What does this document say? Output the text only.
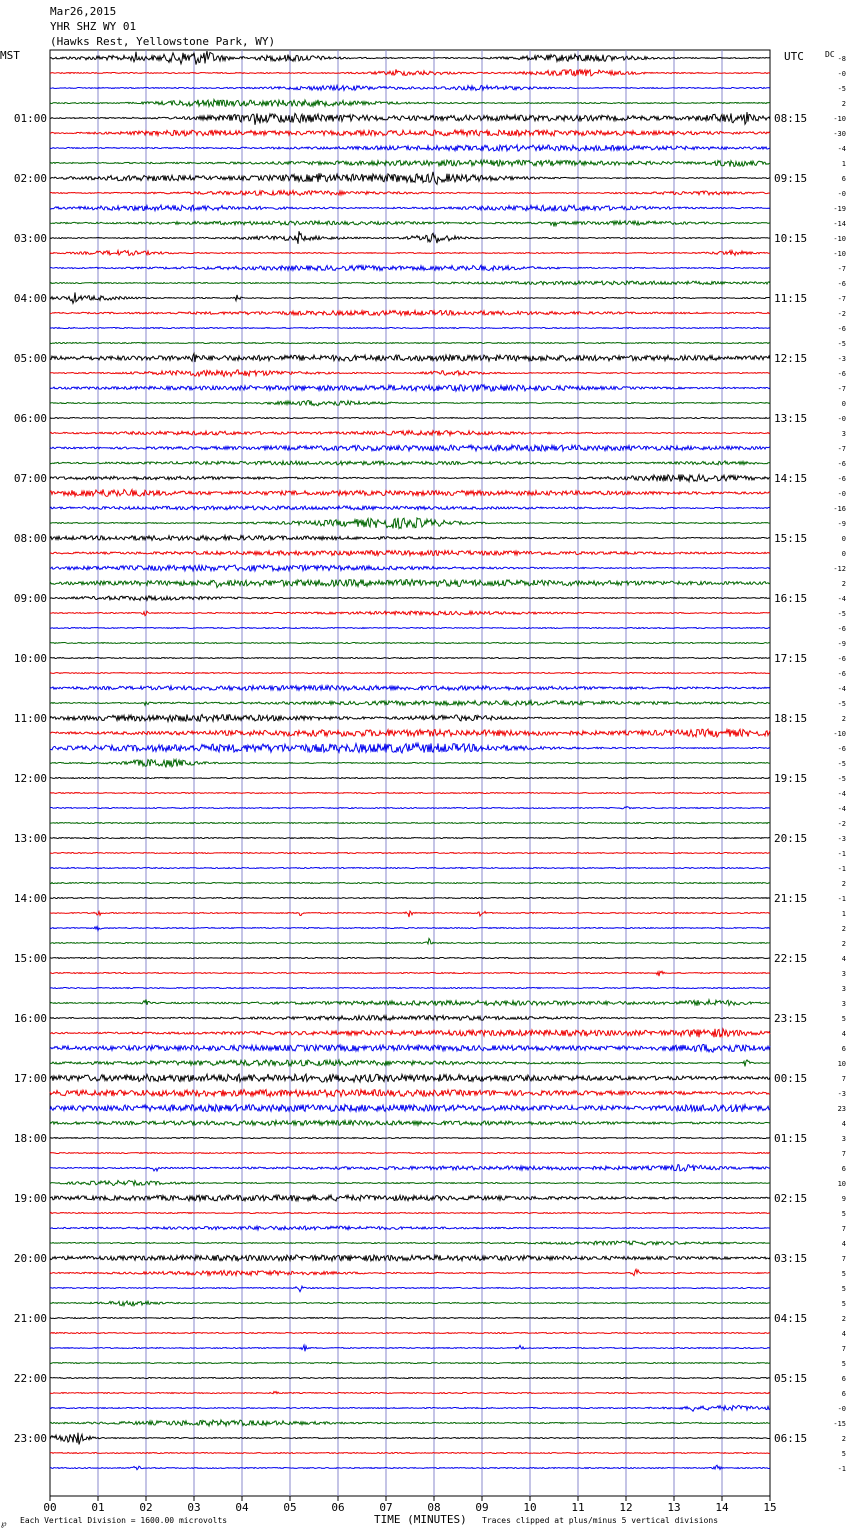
-8
-0
-5
2
-10
-30
-4
1
6
-0
-19
-14
-10
-10
-7
-6
-7
-2
-6
-5
-3
-6
-7
0
-0
3
-7
-6
-6
-0
-16
-9
0
0
-12
2
-4
-5
-6
-9
-6
-6
-4
-5
2
-10
-6
-5
-5
-4
-4
-2
-3
-1
-1
2
-1
1
2
2
4
3
3
3
5
4
6
10
7
-3
23
4
3
7
6
10
9
5
7
4
7
5
5
5
2
4
7
5
6
6
-0
-15
2
5
-1
01:00	08:15
02:00	09:15
03:00	10:15
04:00	11:15
05:00	12:15
06:00	13:15
07:00	14:15
08:00	15:15
09:00	16:15
10:00	17:15
11:00	18:15
12:00	19:15
13:00	20:15
14:00	21:15
15:00	22:15
16:00	23:15
17:00	00:15
18:00	01:15
19:00	02:15
20:00	03:15
21:00	04:15
22:00	05:15
23:00	06:15
00	01	02	03	04	05	06	07	08	09	10	11	12	13	14	15
Mar26,2015
YHR SHZ WY 01
(Hawks Rest, Yellowstone Park, WY)
MST	UTC	DC
℘ Each Vertical Division = 1600.00 microvolts	TIME (MINUTES) Traces clipped at plus/minus 5 vertical divisions
